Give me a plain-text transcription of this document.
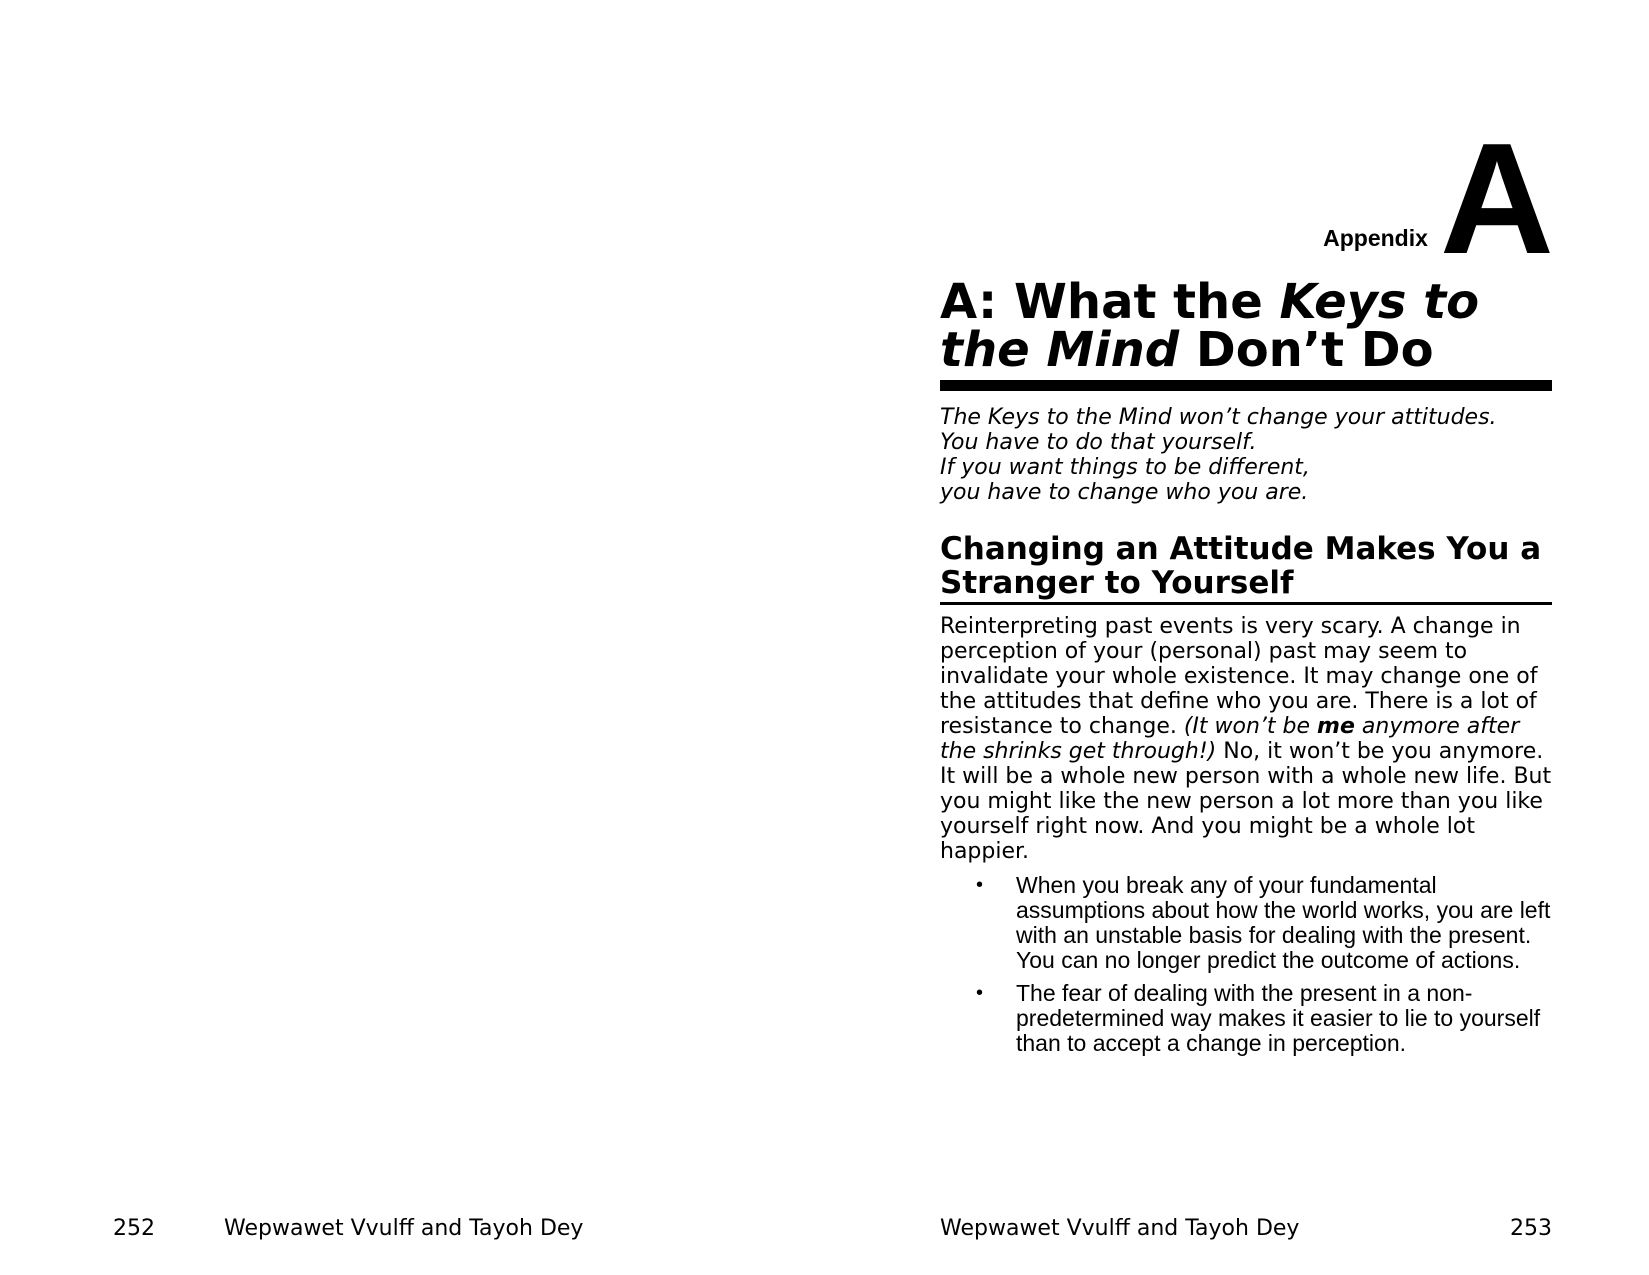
252	Wepwawet Vvulff and Tayoh Dey
Appendix A
A: What the Keys to the Mind Don’t Do
The Keys to the Mind won’t change your attitudes.
You have to do that yourself.
If you want things to be different,
you have to change who you are.
Changing an Attitude Makes You a Stranger to Yourself

Reinterpreting past events is very scary. A change in perception of your (personal) past may seem to invalidate your whole existence. It may change one of the attitudes that define who you are. There is a lot of resistance to change. (It won’t be me anymore after the shrinks get through!) No, it won’t be you anymore. It will be a whole new person with a whole new life. But you might like the new person a lot more than you like yourself right now. And you might be a whole lot happier.

• When you break any of your fundamental assumptions about how the world works, you are left with an unstable basis for dealing with the present. You can no longer predict the outcome of actions.
• The fear of dealing with the present in a non-predetermined way makes it easier to lie to yourself than to accept a change in perception.
Wepwawet Vvulff and Tayoh Dey	253
